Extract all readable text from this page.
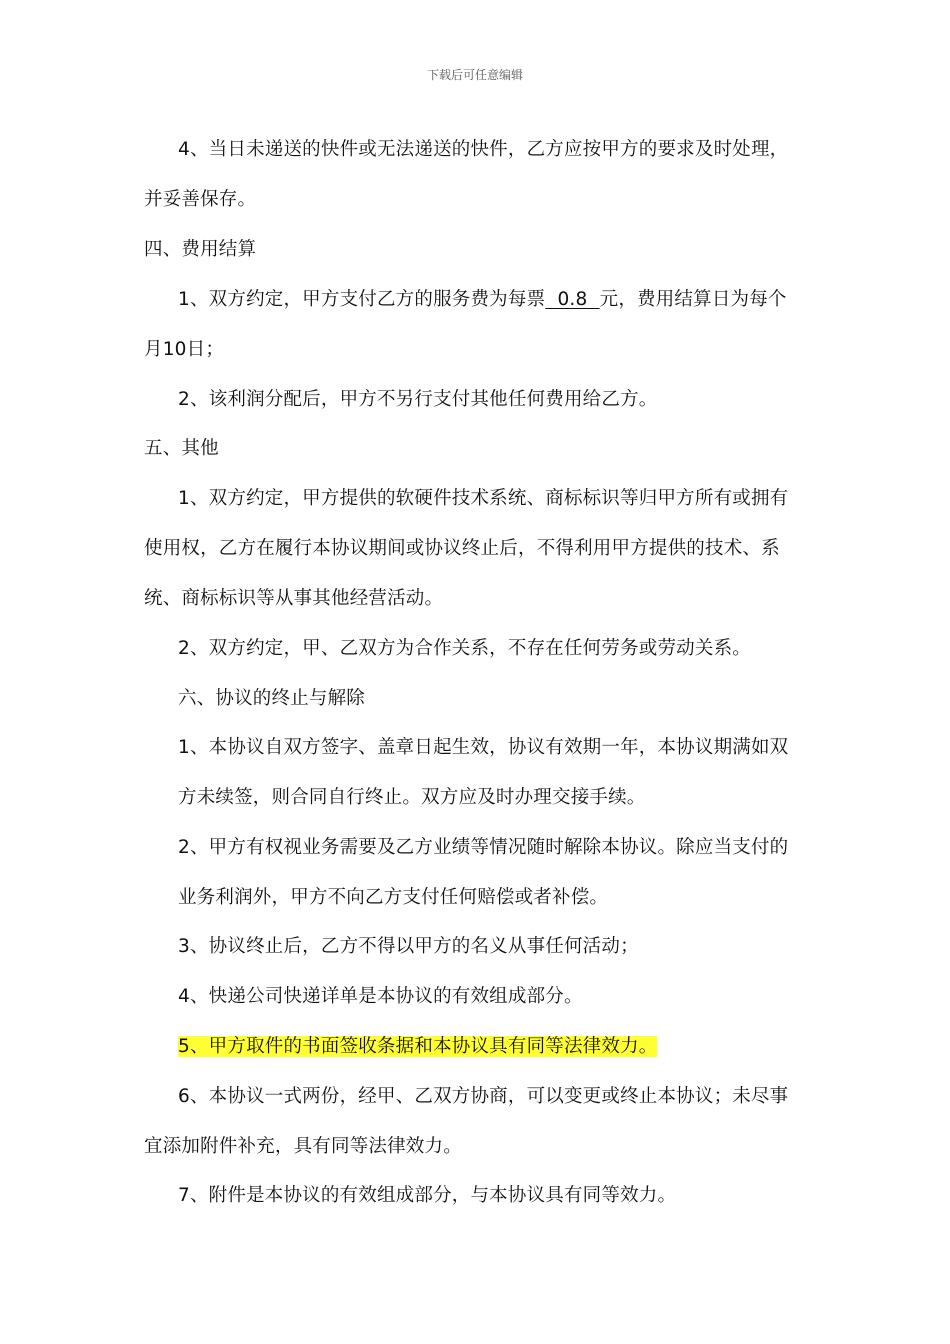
下载后可任意编辑
4、当日未递送的快件或无法递送的快件，乙方应按甲方的要求及时处理，
并妥善保存。
四、费用结算
1、双方约定，甲方支付乙方的服务费为每票  0.8  元，费用结算日为每个
月10日；
2、该利润分配后，甲方不另行支付其他任何费用给乙方。
五、其他
1、双方约定，甲方提供的软硬件技术系统、商标标识等归甲方所有或拥有
使用权，乙方在履行本协议期间或协议终止后，不得利用甲方提供的技术、系
统、商标标识等从事其他经营活动。
2、双方约定，甲、乙双方为合作关系，不存在任何劳务或劳动关系。
六、协议的终止与解除
1、本协议自双方签字、盖章日起生效，协议有效期一年，本协议期满如双
方未续签，则合同自行终止。双方应及时办理交接手续。
2、甲方有权视业务需要及乙方业绩等情况随时解除本协议。除应当支付的
业务利润外，甲方不向乙方支付任何赔偿或者补偿。
3、协议终止后，乙方不得以甲方的名义从事任何活动；
4、快递公司快递详单是本协议的有效组成部分。
5、甲方取件的书面签收条据和本协议具有同等法律效力。
6、本协议一式两份，经甲、乙双方协商，可以变更或终止本协议；未尽事
宜添加附件补充，具有同等法律效力。
7、附件是本协议的有效组成部分，与本协议具有同等效力。
